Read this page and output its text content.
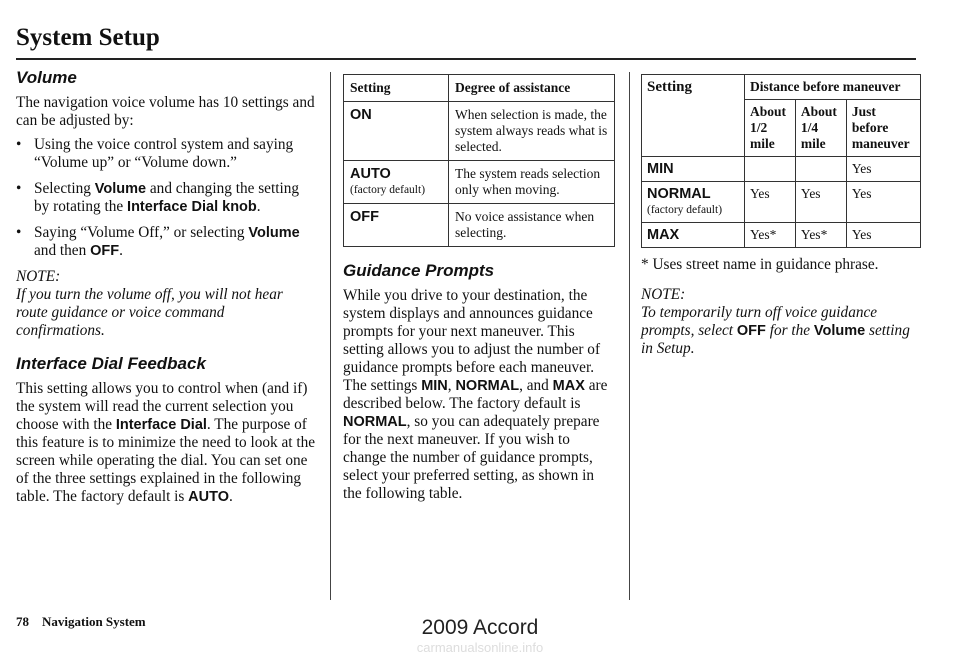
System Setup
Volume
The navigation voice volume has 10 settings and can be adjusted by:
• Using the voice control system and saying “Volume up” or “Volume down.”
• Selecting Volume and changing the setting by rotating the Interface Dial knob.
• Saying “Volume Off,” or selecting Volume and then OFF.
NOTE:
If you turn the volume off, you will not hear route guidance or voice command confirmations.
Interface Dial Feedback
This setting allows you to control when (and if) the system will read the current selection you choose with the Interface Dial. The purpose of this feature is to minimize the need to look at the screen while operating the dial. You can set one of the three settings explained in the following table. The factory default is AUTO.
Setting	Degree of assistance

ON	When selection is made, the system always reads what is selected.

AUTO
(factory default)	The system reads selection only when moving.

OFF	No voice assistance when selecting.
Guidance Prompts
While you drive to your destination, the system displays and announces guidance prompts for your next maneuver. This setting allows you to adjust the number of guidance prompts before each maneuver. The settings MIN, NORMAL, and MAX are described below. The factory default is NORMAL, so you can adequately prepare for the next maneuver. If you wish to change the number of guidance prompts, select your preferred setting, as shown in the following table.
Setting	Distance before maneuver		
	About 1/2 mile	About 1/4 mile	Just before maneuver

MIN			Yes

NORMAL
(factory default)	Yes	Yes	Yes

MAX	Yes*	Yes*	Yes
* Uses street name in guidance phrase.
NOTE:
To temporarily turn off voice guidance prompts, select OFF for the Volume setting in Setup.
78 Navigation System	2009 Accord
carmanualsonline.info
